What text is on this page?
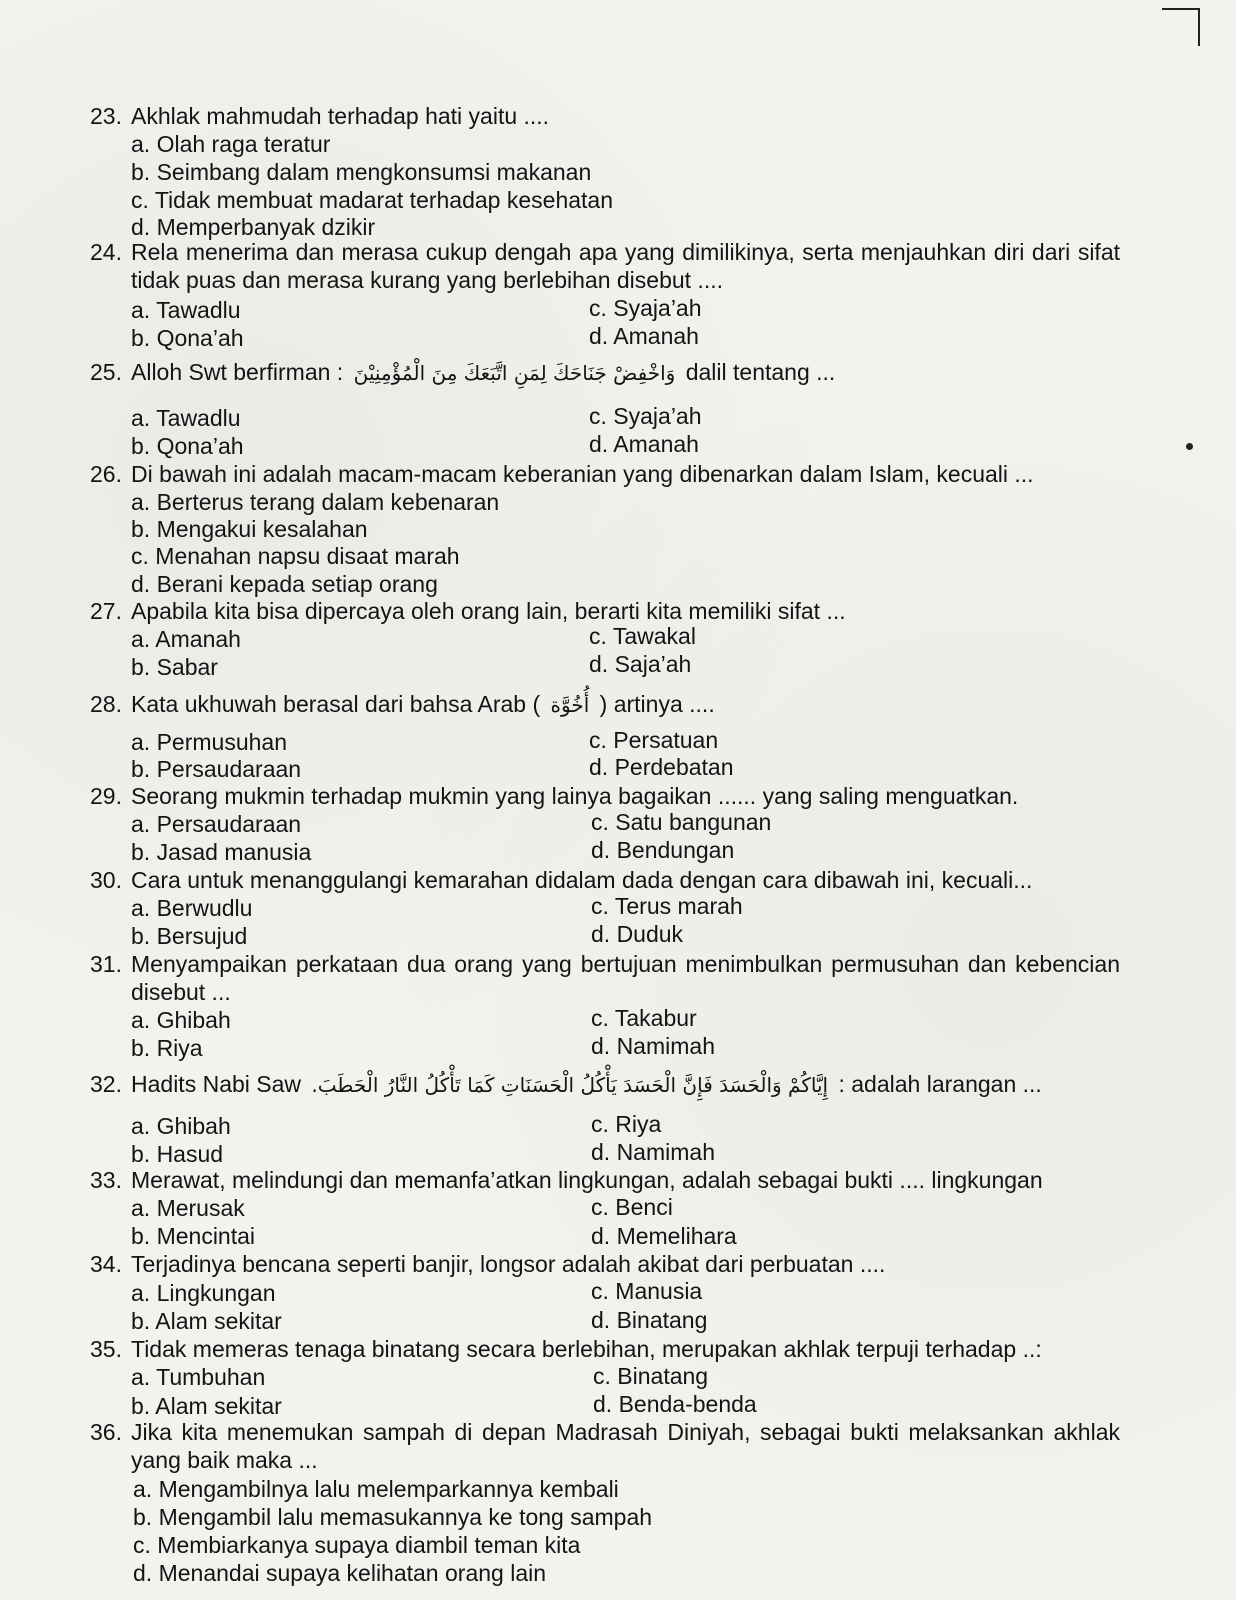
23. Akhlak mahmudah terhadap hati yaitu ....
a. Olah raga teratur
b. Seimbang dalam mengkonsumsi makanan
c. Tidak membuat madarat terhadap kesehatan
d. Memperbanyak dzikir
24. Rela menerima dan merasa cukup dengah apa yang dimilikinya, serta menjauhkan diri dari sifat tidak puas dan merasa kurang yang berlebihan disebut ....
a. Tawadlu	c. Syaja’ah
b. Qona’ah	d. Amanah
25. Alloh Swt berfirman : وَاخْفِضْ جَنَاحَكَ لِمَنِ اتَّبَعَكَ مِنَ الْمُؤْمِنِيْنَ dalil tentang ...
a. Tawadlu	c. Syaja’ah
b. Qona’ah	d. Amanah
26. Di bawah ini adalah macam-macam keberanian yang dibenarkan dalam Islam, kecuali ...
a. Berterus terang dalam kebenaran
b. Mengakui kesalahan
c. Menahan napsu disaat marah
d. Berani kepada setiap orang
27. Apabila kita bisa dipercaya oleh orang lain, berarti kita memiliki sifat ...
a. Amanah	c. Tawakal
b. Sabar	d. Saja’ah
28. Kata ukhuwah berasal dari bahsa Arab ( أُخُوَّة ) artinya ....
a. Permusuhan	c. Persatuan
b. Persaudaraan	d. Perdebatan
29. Seorang mukmin terhadap mukmin yang lainya bagaikan ...... yang saling menguatkan.
a. Persaudaraan	c. Satu bangunan
b. Jasad manusia	d. Bendungan
30. Cara untuk menanggulangi kemarahan didalam dada dengan cara dibawah ini, kecuali...
a. Berwudlu	c. Terus marah
b. Bersujud	d. Duduk
31. Menyampaikan perkataan dua orang yang bertujuan menimbulkan permusuhan dan kebencian disebut ...
a. Ghibah	c. Takabur
b. Riya	d. Namimah
32. Hadits Nabi Saw إِيَّاكُمْ وَالْحَسَدَ فَإِنَّ الْحَسَدَ يَأْكُلُ الْحَسَنَاتِ كَمَا تَأْكُلُ النَّارُ الْحَطَبَ. : adalah larangan ...
a. Ghibah	c. Riya
b. Hasud	d. Namimah
33. Merawat, melindungi dan memanfa’atkan lingkungan, adalah sebagai bukti .... lingkungan
a. Merusak	c. Benci
b. Mencintai	d. Memelihara
34. Terjadinya bencana seperti banjir, longsor adalah akibat dari perbuatan ....
a. Lingkungan	c. Manusia
b. Alam sekitar	d. Binatang
35. Tidak memeras tenaga binatang secara berlebihan, merupakan akhlak terpuji terhadap ..:
a. Tumbuhan	c. Binatang
b. Alam sekitar	d. Benda-benda
36. Jika kita menemukan sampah di depan Madrasah Diniyah, sebagai bukti melaksankan akhlak yang baik maka ...
a. Mengambilnya lalu melemparkannya kembali
b. Mengambil lalu memasukannya ke tong sampah
c. Membiarkanya supaya diambil teman kita
d. Menandai supaya kelihatan orang lain
